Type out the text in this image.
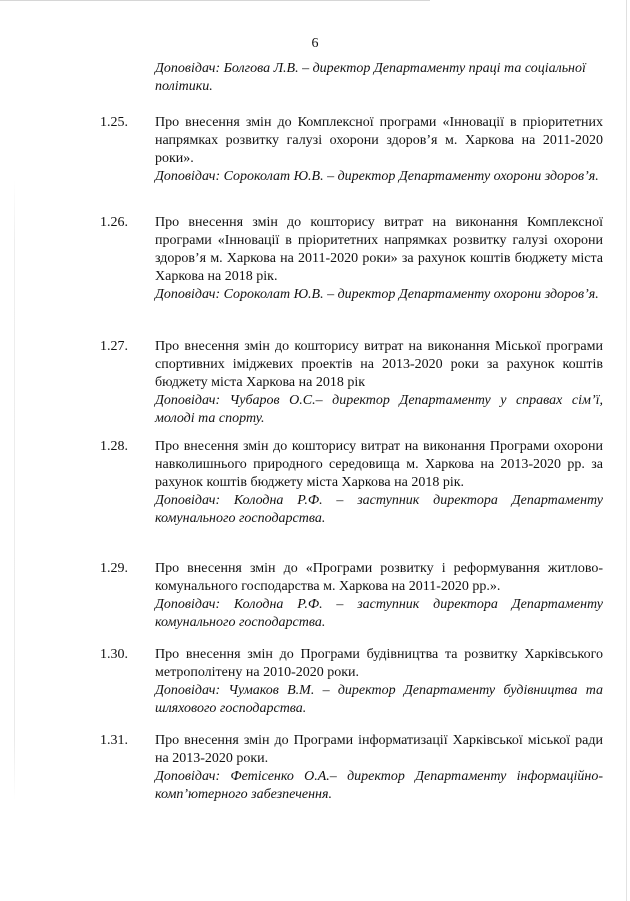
6

Доповідач: Болгова Л.В. – директор Департаменту праці та соціальної політики.

1.25. Про внесення змін до Комплексної програми «Інновації в пріоритетних напрямках розвитку галузі охорони здоров’я м. Харкова на 2011-2020 роки».

Доповідач: Сороколат Ю.В. – директор Департаменту охорони здоров’я.

1.26. Про внесення змін до кошторису витрат на виконання Комплексної програми «Інновації в пріоритетних напрямках розвитку галузі охорони здоров’я м. Харкова на 2011-2020 роки» за рахунок коштів бюджету міста Харкова на 2018 рік.

Доповідач: Сороколат Ю.В. – директор Департаменту охорони здоров’я.

1.27. Про внесення змін до кошторису витрат на виконання Міської програми спортивних іміджевих проектів на 2013-2020 роки за рахунок коштів бюджету міста Харкова на 2018 рік

Доповідач: Чубаров О.С.– директор Департаменту у справах сім’ї, молоді та спорту.

1.28. Про внесення змін до кошторису витрат на виконання Програми охорони навколишнього природного середовища м. Харкова на 2013-2020 рр. за рахунок коштів бюджету міста Харкова на 2018 рік.

Доповідач: Колодна Р.Ф. – заступник директора Департаменту комунального господарства.

1.29. Про внесення змін до «Програми розвитку і реформування житлово-комунального господарства м. Харкова на 2011-2020 рр.».

Доповідач: Колодна Р.Ф. – заступник директора Департаменту комунального господарства.

1.30. Про внесення змін до Програми будівництва та розвитку Харківського метрополітену на 2010-2020 роки.

Доповідач: Чумаков В.М. – директор Департаменту будівництва та шляхового господарства.

1.31. Про внесення змін до Програми інформатизації Харківської міської ради на 2013-2020 роки.

Доповідач: Фетісенко О.А.– директор Департаменту інформаційно-комп’ютерного забезпечення.
